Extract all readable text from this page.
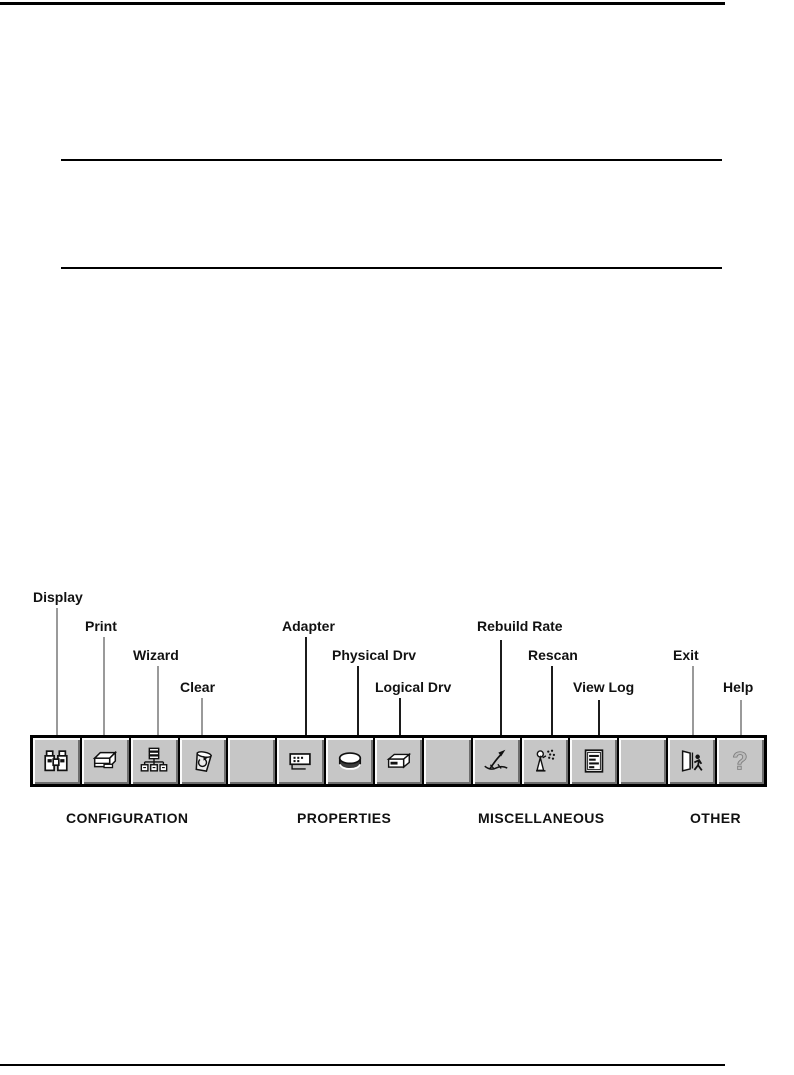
Display
Print
Wizard
Clear
Adapter
Physical Drv
Logical Drv
Rebuild Rate
Rescan
View Log
Exit
Help
CONFIGURATION	PROPERTIES	MISCELLANEOUS	OTHER
